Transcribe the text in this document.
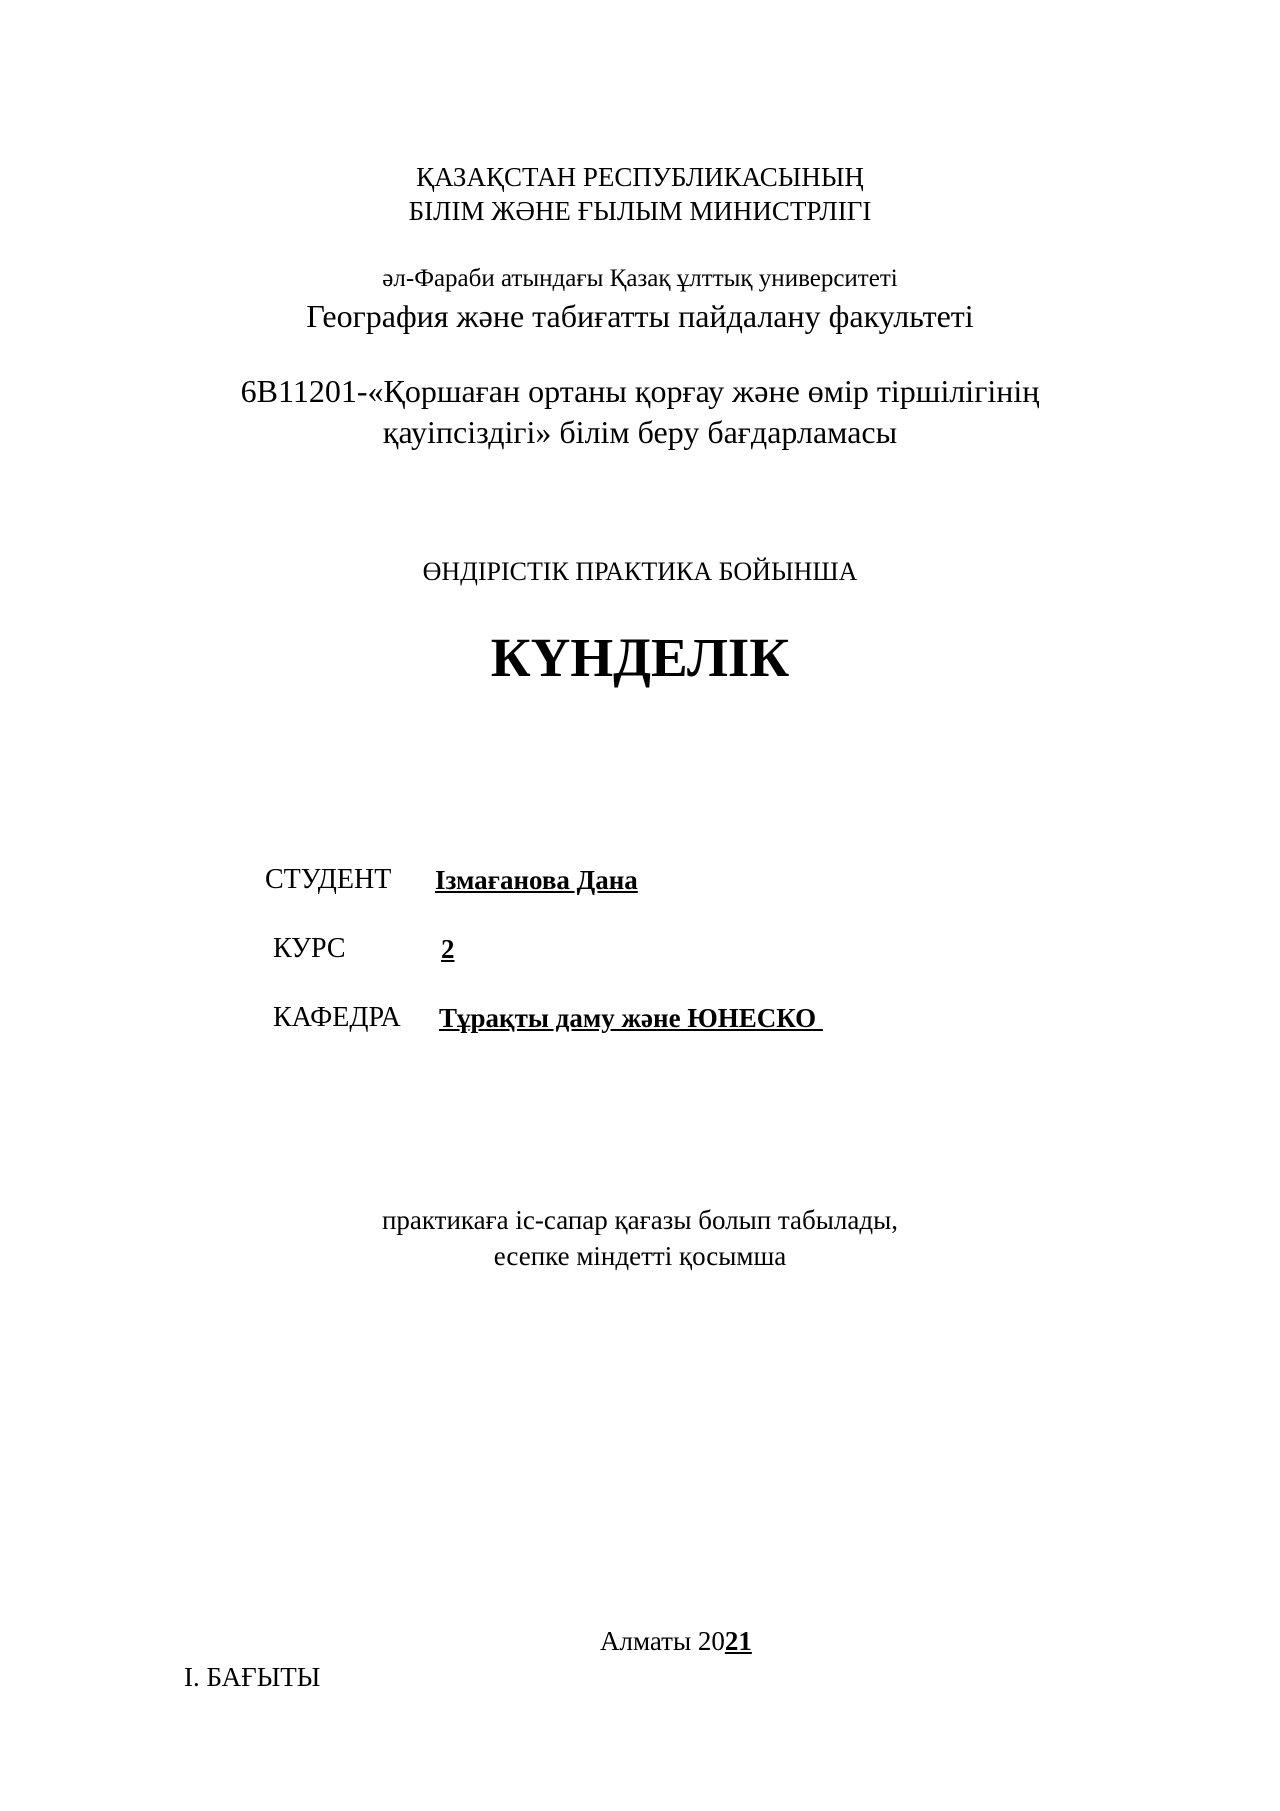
ҚАЗАҚСТАН РЕСПУБЛИКАСЫНЫҢ
БІЛІМ ЖӘНЕ ҒЫЛЫМ МИНИСТРЛІГІ
әл-Фараби атындағы Қазақ ұлттық университеті
География және табиғатты пайдалану факультеті
6В11201-«Қоршаған ортаны қорғау және өмір тіршілігінің
қауіпсіздігі» білім беру бағдарламасы
ӨНДІРІСТІК ПРАКТИКА БОЙЫНША
КҮНДЕЛІК
СТУДЕНТ Ізмағанова Дана
КУРС	2
КАФЕДРА Тұрақты даму және ЮНЕСКО
практикаға іс-сапар қағазы болып табылады,
есепке міндетті қосымша
Алматы 2021
I. БАҒЫТЫ
